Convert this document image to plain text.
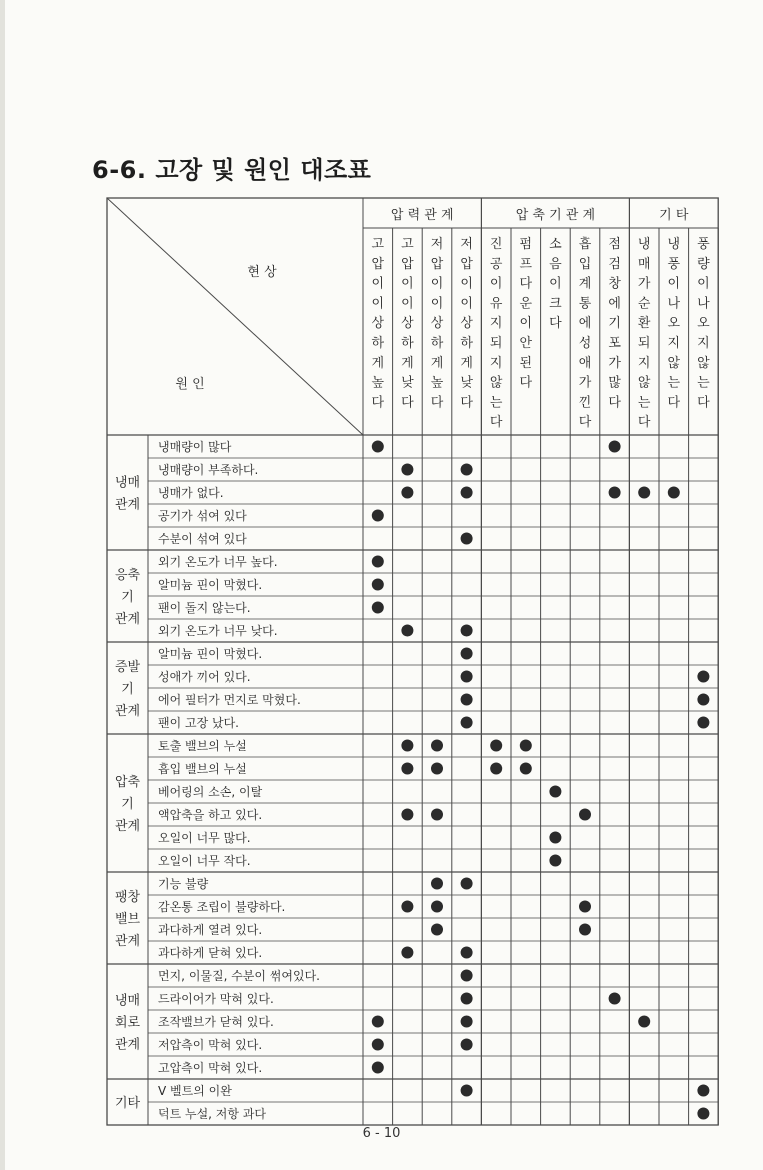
6-6. 고장 및 원인 대조표
현 상
원 인
압 력 관 계	압 축 기 관 계	기 타
고 압 이 이 상 하 게 높 다
고 압 이 이 상 하 게 낮 다
저 압 이 이 상 하 게 높 다
저 압 이 이 상 하 게 낮 다
진 공 이 유 지 되 지 않 는 다
펌 프 다 운 이 안 된 다
소 음 이 크 다
흡 입 계 통 에 성 애 가 낀 다
점 검 창 에 기 포 가 많 다
냉 매 가 순 환 되 지 않 는 다
냉 풍 이 나 오 지 않 는 다
풍 량 이 나 오 지 않 는 다
냉매
관계
냉매량이 많다
냉매량이 부족하다.
냉매가 없다.
공기가 섞여 있다
수분이 섞여 있다
응축
기
관계
외기 온도가 너무 높다.
알미늄 핀이 막혔다.
팬이 돌지 않는다.
외기 온도가 너무 낮다.
증발
기
관계
알미늄 핀이 막혔다.
성애가 끼어 있다.
에어 필터가 먼지로 막혔다.
팬이 고장 났다.
압축
기
관계
토출 밸브의 누설
흡입 밸브의 누설
베어링의 소손, 이탈
액압축을 하고 있다.
오일이 너무 많다.
오일이 너무 작다.
팽창
밸브
관계
기능 불량
감온통 조립이 불량하다.
과다하게 열려 있다.
과다하게 닫혀 있다.
냉매
회로
관계
먼지, 이물질, 수분이 썪여있다.
드라이어가 막혀 있다.
조작밸브가 닫혀 있다.
저압측이 막혀 있다.
고압측이 막혀 있다.
기타
V 벨트의 이완
덕트 누설, 저항 과다
6 - 10
